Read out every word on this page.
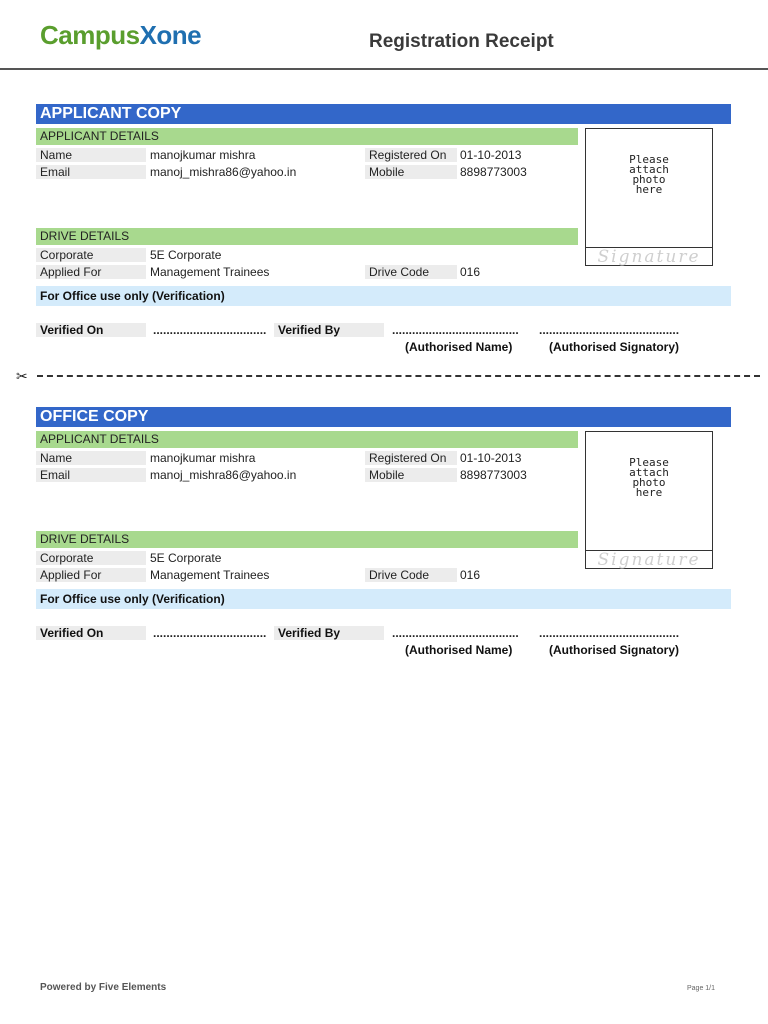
CampusXone	Registration Receipt
APPLICANT COPY
APPLICANT DETAILS
Name	manojkumar mishra	Registered On	01-10-2013
Email	manoj_mishra86@yahoo.in	Mobile	8898773003
Please
attach
photo
here
Signature
DRIVE DETAILS
Corporate	5E Corporate
Applied For	Management Trainees	Drive Code	016
For Office use only (Verification)
Verified On	.................................. Verified By	...................................... ..........................................
(Authorised Name)	(Authorised Signatory)
✂
OFFICE COPY
APPLICANT DETAILS
Name	manojkumar mishra	Registered On	01-10-2013
Email	manoj_mishra86@yahoo.in	Mobile	8898773003
Please
attach
photo
here
Signature
DRIVE DETAILS
Corporate	5E Corporate
Applied For	Management Trainees	Drive Code	016
For Office use only (Verification)
Verified On	.................................. Verified By	...................................... ..........................................
(Authorised Name)	(Authorised Signatory)
Powered by Five Elements	Page 1/1
